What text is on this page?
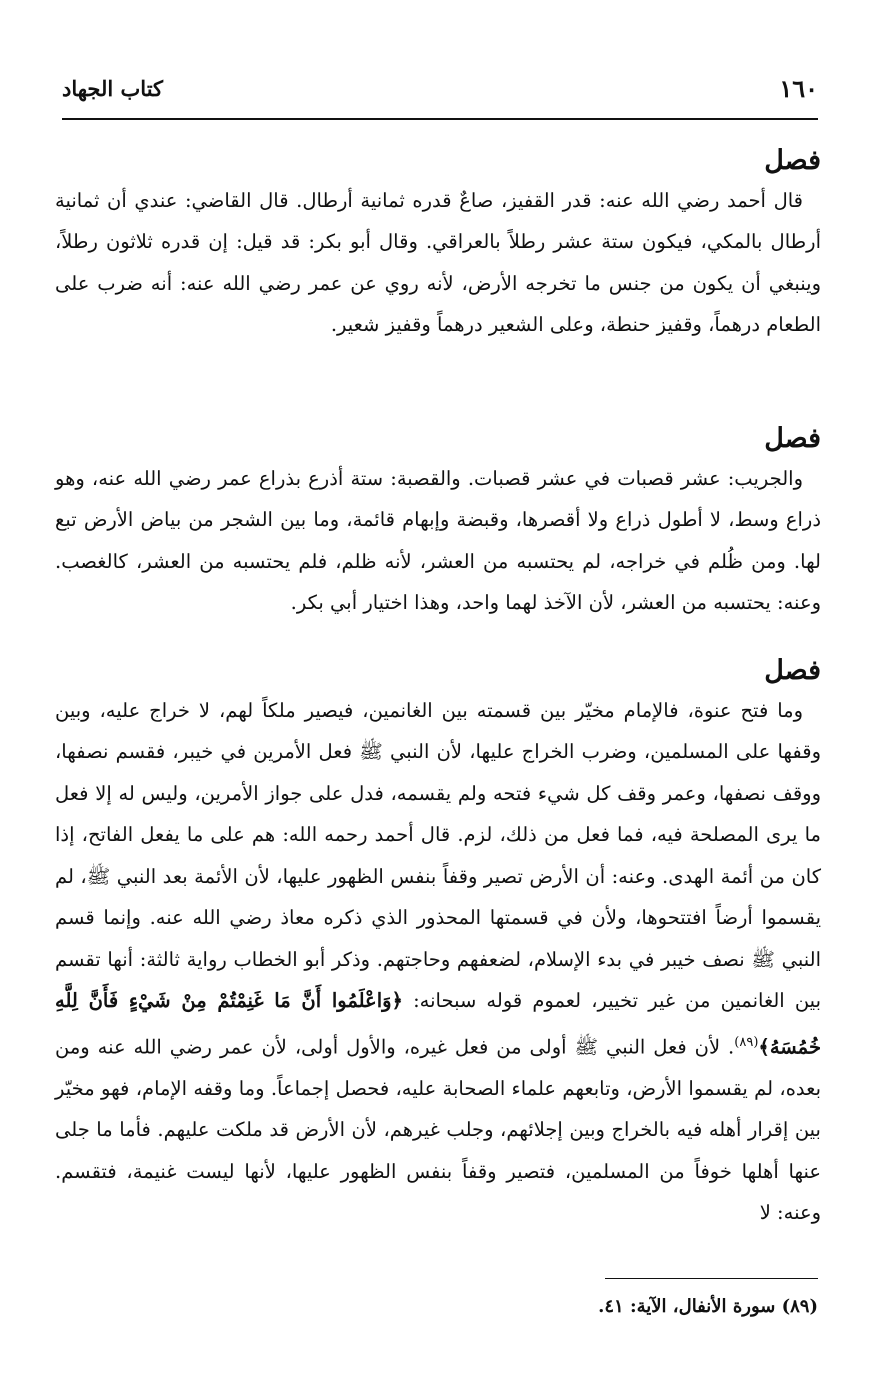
١٦٠
كتاب الجهاد
فصل

قال أحمد رضي الله عنه: قدر القفيز، صاعٌ قدره ثمانية أرطال. قال القاضي: عندي أن ثمانية أرطال بالمكي، فيكون ستة عشر رطلاً بالعراقي. وقال أبو بكر: قد قيل: إن قدره ثلاثون رطلاً، وينبغي أن يكون من جنس ما تخرجه الأرض، لأنه روي عن عمر رضي الله عنه: أنه ضرب على الطعام درهماً، وقفيز حنطة، وعلى الشعير درهماً وقفيز شعير.

فصل

والجريب: عشر قصبات في عشر قصبات. والقصبة: ستة أذرع بذراع عمر رضي الله عنه، وهو ذراع وسط، لا أطول ذراع ولا أقصرها، وقبضة وإبهام قائمة، وما بين الشجر من بياض الأرض تبع لها. ومن ظُلم في خراجه، لم يحتسبه من العشر، لأنه ظلم، فلم يحتسبه من العشر، كالغصب. وعنه: يحتسبه من العشر، لأن الآخذ لهما واحد، وهذا اختيار أبي بكر.

فصل

وما فتح عنوة، فالإمام مخيّر بين قسمته بين الغانمين، فيصير ملكاً لهم، لا خراج عليه، وبين وقفها على المسلمين، وضرب الخراج عليها، لأن النبي ﷺ فعل الأمرين في خيبر، فقسم نصفها، ووقف نصفها، وعمر وقف كل شيء فتحه ولم يقسمه، فدل على جواز الأمرين، وليس له إلا فعل ما يرى المصلحة فيه، فما فعل من ذلك، لزم. قال أحمد رحمه الله: هم على ما يفعل الفاتح، إذا كان من أئمة الهدى. وعنه: أن الأرض تصير وقفاً بنفس الظهور عليها، لأن الأئمة بعد النبي ﷺ، لم يقسموا أرضاً افتتحوها، ولأن في قسمتها المحذور الذي ذكره معاذ رضي الله عنه. وإنما قسم النبي ﷺ نصف خيبر في بدء الإسلام، لضعفهم وحاجتهم. وذكر أبو الخطاب رواية ثالثة: أنها تقسم بين الغانمين من غير تخيير، لعموم قوله سبحانه: ﴿وَاعْلَمُوا أَنَّ مَا غَنِمْتُمْ مِنْ شَيْءٍ فَأَنَّ لِلَّهِ خُمُسَهُ﴾$^{(٨٩)}$. لأن فعل النبي ﷺ أولى من فعل غيره، والأول أولى، لأن عمر رضي الله عنه ومن بعده، لم يقسموا الأرض، وتابعهم علماء الصحابة عليه، فحصل إجماعاً. وما وقفه الإمام، فهو مخيّر بين إقرار أهله فيه بالخراج وبين إجلائهم، وجلب غيرهم، لأن الأرض قد ملكت عليهم. فأما ما جلى عنها أهلها خوفاً من المسلمين، فتصير وقفاً بنفس الظهور عليها، لأنها ليست غنيمة، فتقسم. وعنه: لا

(٨٩) سورة الأنفال، الآية: ٤١.
